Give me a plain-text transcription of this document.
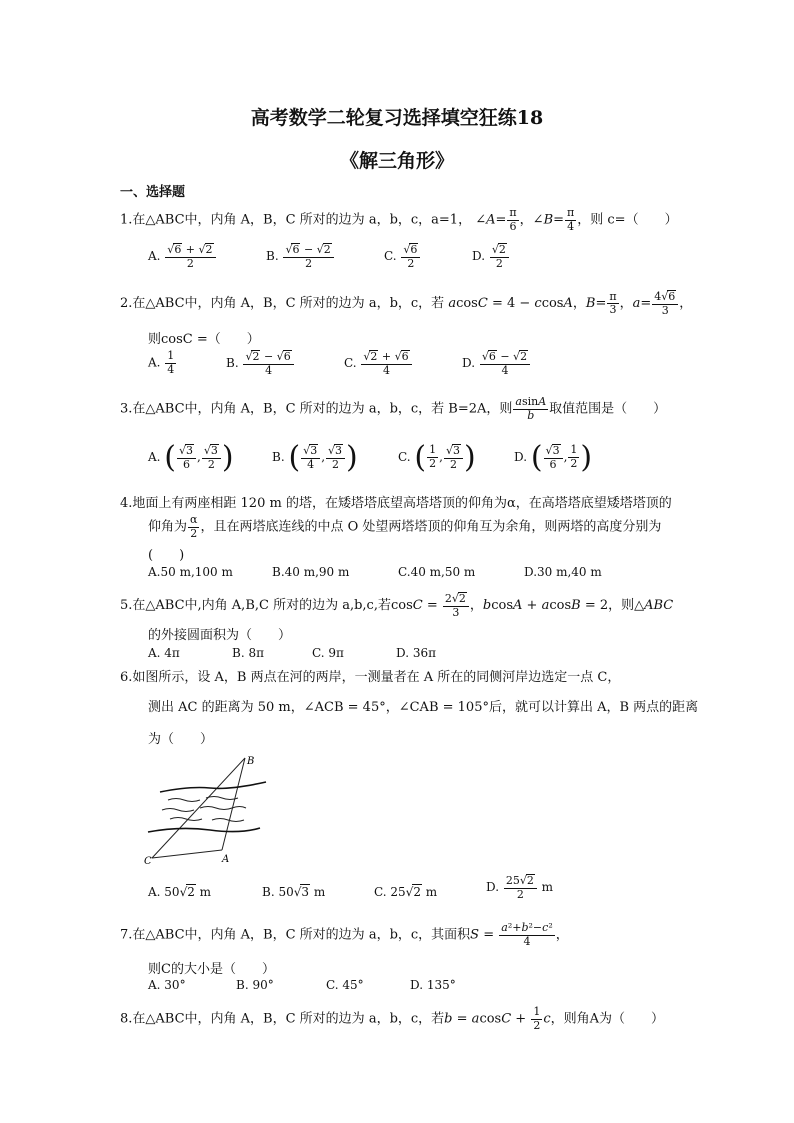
高考数学二轮复习选择填空狂练18
《解三角形》
一、选择题
1.在△ABC中，内角 A，B，C 所对的边为 a，b，c，a=1， ∠A= $\frac{\pi}{6}$ ，∠B= $\frac{\pi}{4}$ ，则 c=（　　）
A. $\frac{√6 + √2}{2}$	B. $\frac{√6 - √2}{2}$	C. $\frac{√6}{2}$	D. $\frac{√2}{2}$
2.在△ABC中，内角 A，B，C 所对的边为 a，b，c，若 acosC = 4 − ccosA，$B= \frac{\pi}{3}$ ，$a= \frac{4√6}{3}$ ，
则cosC =（　　）
A. $\frac{1}{4}$	B. $\frac{√2 - √6}{4}$	C. $\frac{√2 + √6}{4}$	D. $\frac{√6 - √2}{4}$
3.在△ABC中，内角 A，B，C 所对的边为 a，b，c，若 B=2A，则 $\frac{asinA}{b}$ 取值范围是（　　）
A. ( $\frac{√3}{6}$ , $\frac{√3}{2}$ )	B. ( $\frac{√3}{4}$ , $\frac{√3}{2}$ )	C. ( $\frac{1}{2}$ , $\frac{√3}{2}$ )	D. ( $\frac{√3}{6}$ , $\frac{1}{2}$ )
4.地面上有两座相距 120 m 的塔，在矮塔塔底望高塔塔顶的仰角为α，在高塔塔底望矮塔塔顶的
仰角为 $\frac{\alpha}{2}$ ，且在两塔底连线的中点 O 处望两塔塔顶的仰角互为余角，则两塔的高度分别为
(　　)
A.50 m,100 m	B.40 m,90 m	C.40 m,50 m	D.30 m,40 m
5.在△ABC中,内角 A,B,C 所对的边为 a,b,c,若$\cos C = \frac{2√2}{3}$ ，bcosA + acosB = 2，则△ABC
的外接圆面积为（　　）
A. 4π	B. 8π	C. 9π	D. 36π
6.如图所示，设 A，B 两点在河的两岸，一测量者在 A 所在的同侧河岸边选定一点 C，
测出 AC 的距离为 50 m，∠ACB = 45°，∠CAB = 105°后，就可以计算出 A，B 两点的距离
为（　　）
B
C	A
A. 50√2 m	B. 50√3 m	C. 25√2 m	D. $\frac{25√2}{2}$ m
7.在△ABC中，内角 A，B，C 所对的边为 a，b，c，其面积$S = \frac{\text{a²+b²−c²}}{4}$ ，
则C的大小是（　　）
A. 30°	B. 90°	C. 45°	D. 135°
8.在△ABC中，内角 A，B，C 所对的边为 a，b，c，若$b = acosC + \frac{1}{2}$ c，则角A为（　　）
